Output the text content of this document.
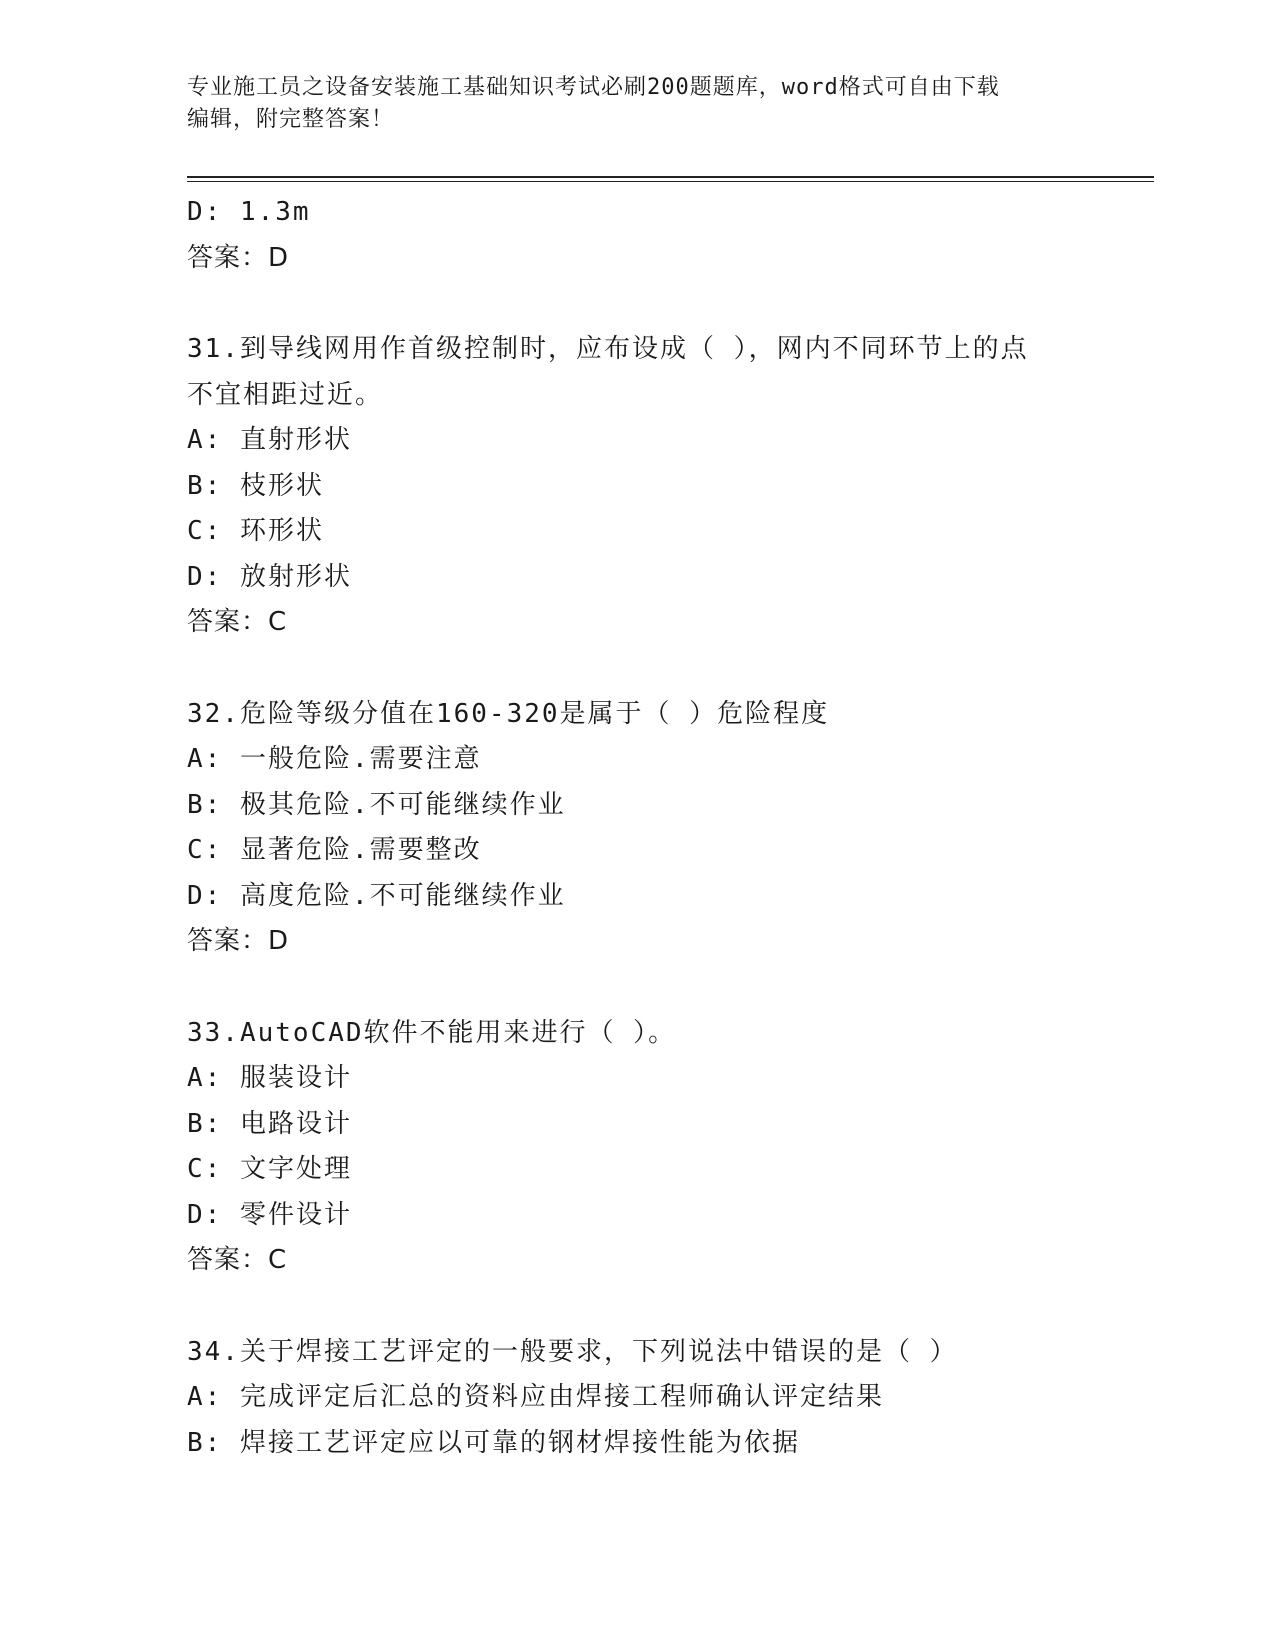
专业施工员之设备安装施工基础知识考试必刷200题题库，word格式可自由下载
编辑，附完整答案！
D: 1.3m
答案：D
31.到导线网用作首级控制时，应布设成（ ），网内不同环节上的点
不宜相距过近。
A: 直射形状
B: 枝形状
C: 环形状
D: 放射形状
答案：C
32.危险等级分值在160-320是属于（ ）危险程度
A: 一般危险.需要注意
B: 极其危险.不可能继续作业
C: 显著危险.需要整改
D: 高度危险.不可能继续作业
答案：D
33.AutoCAD软件不能用来进行（ ）。
A: 服装设计
B: 电路设计
C: 文字处理
D: 零件设计
答案：C
34.关于焊接工艺评定的一般要求，下列说法中错误的是（ ）
A: 完成评定后汇总的资料应由焊接工程师确认评定结果
B: 焊接工艺评定应以可靠的钢材焊接性能为依据
